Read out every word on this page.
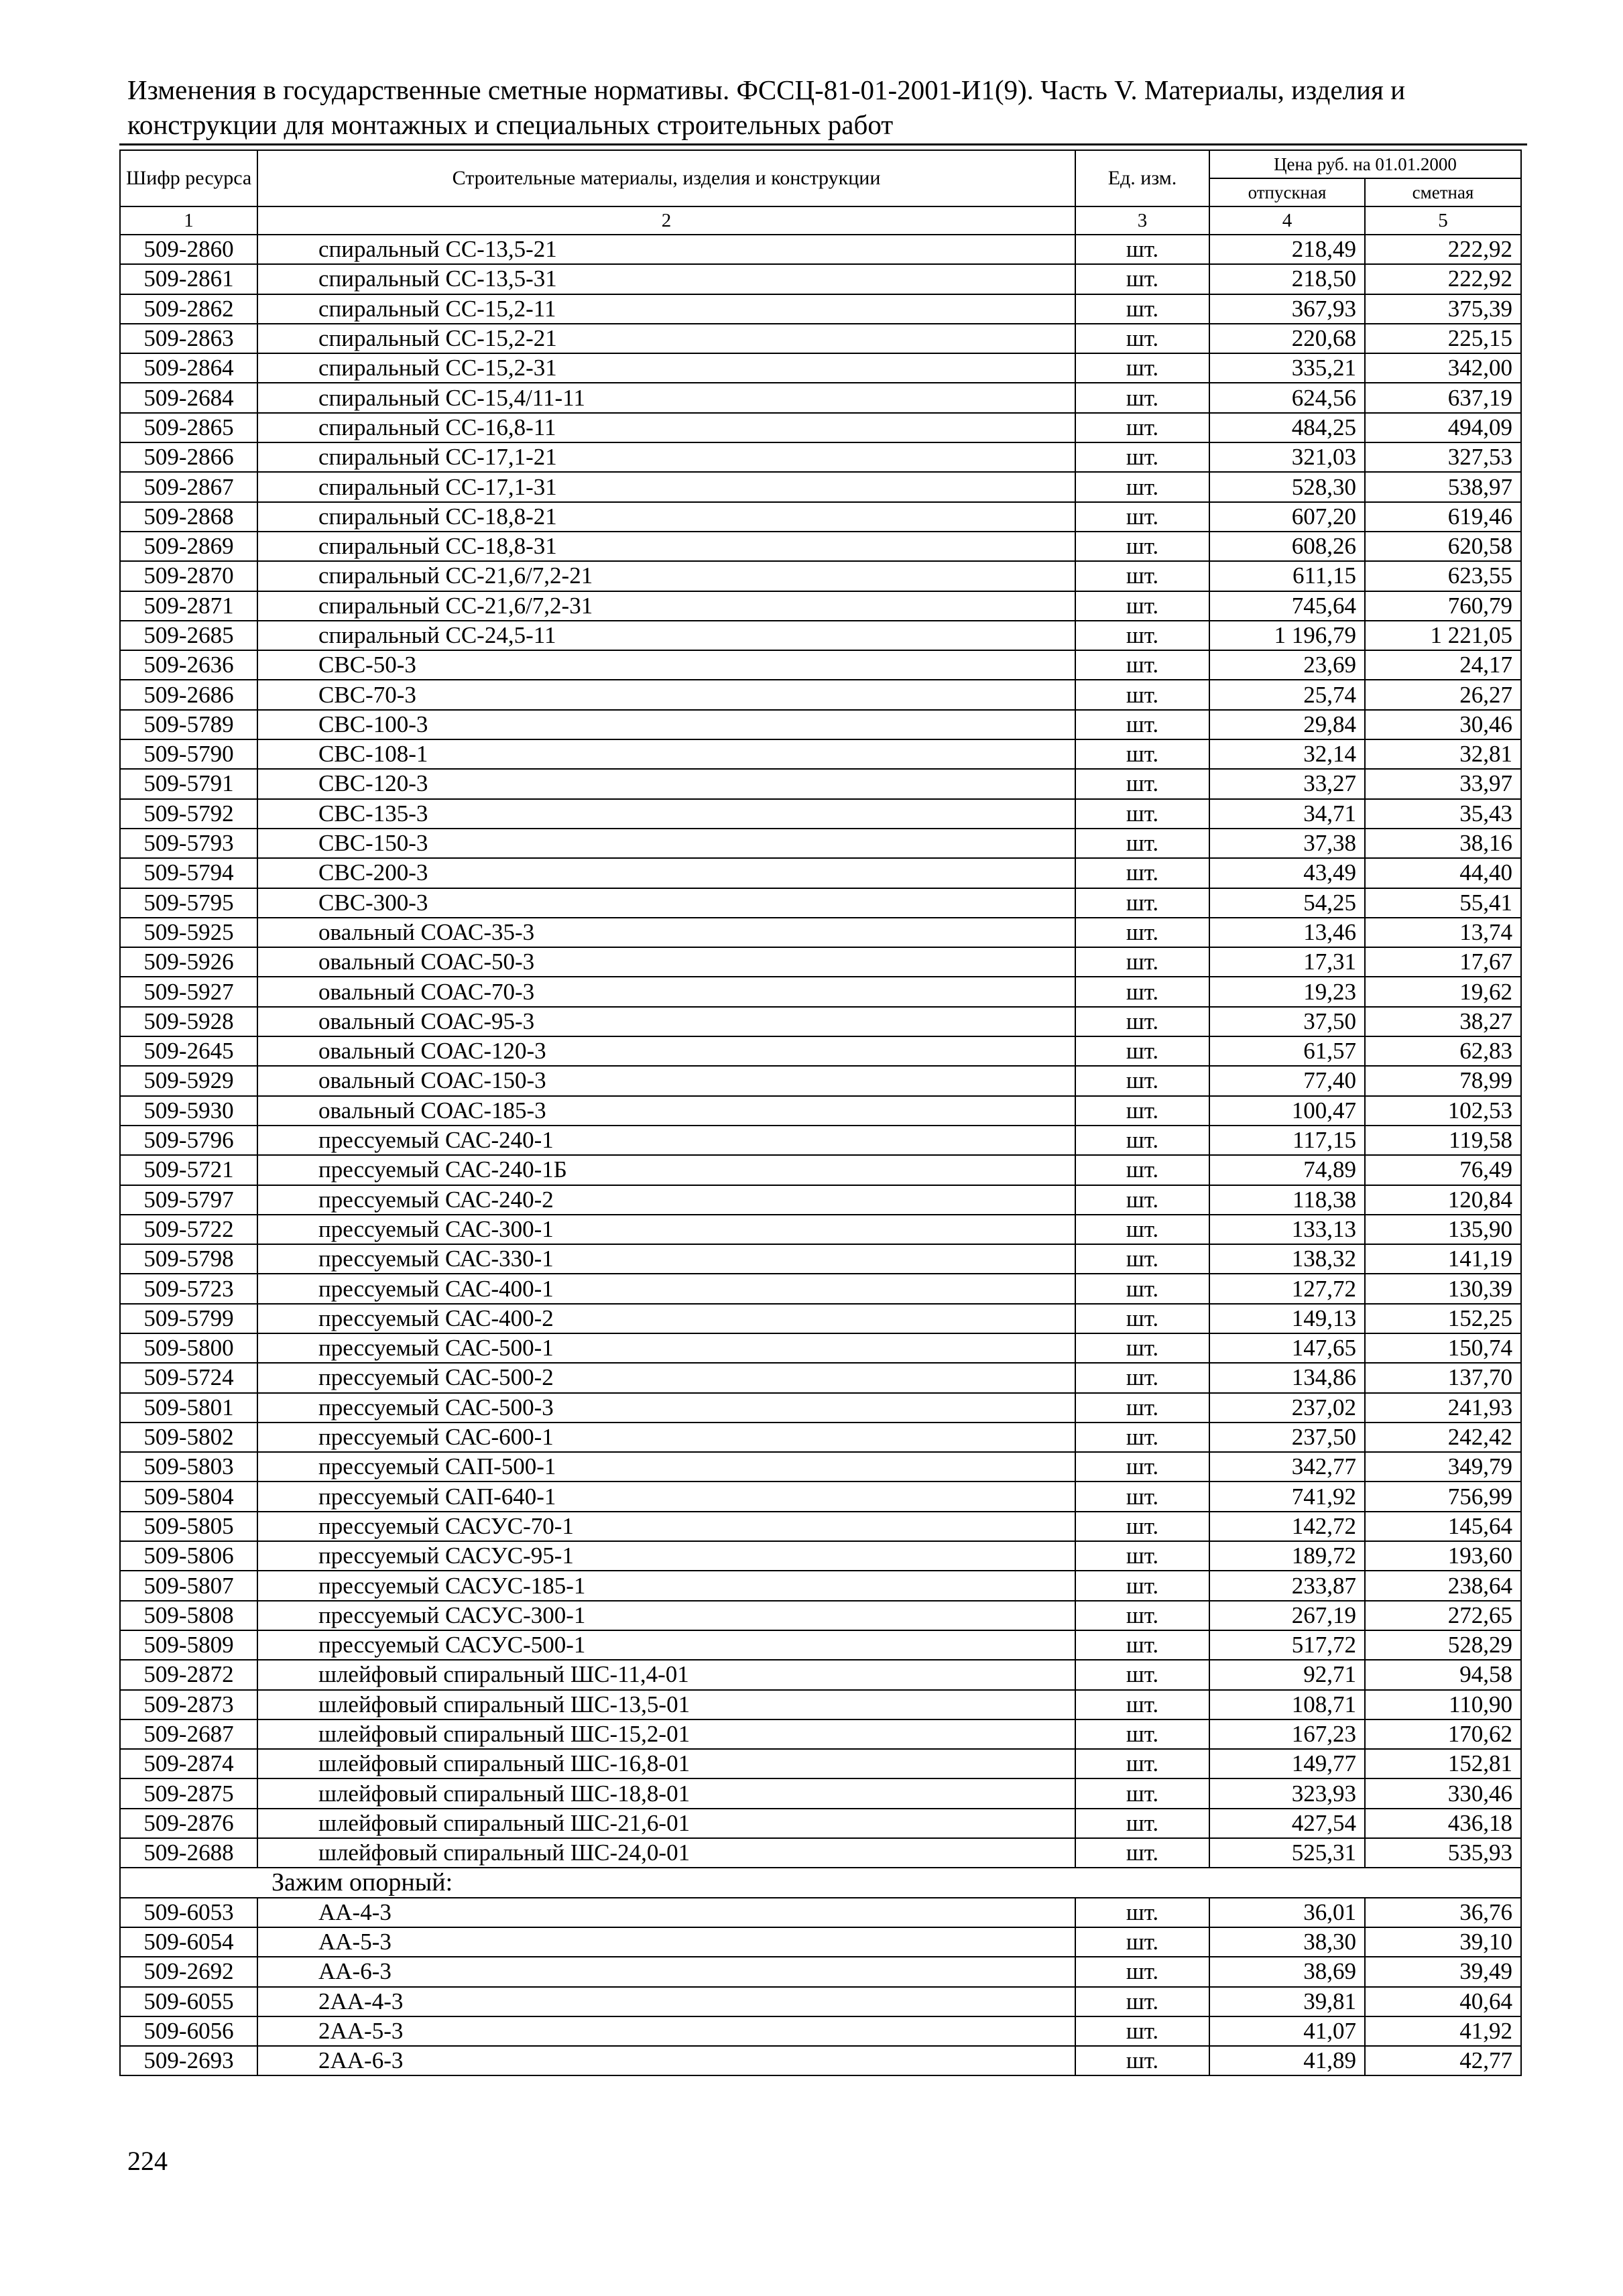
Изменения в государственные сметные нормативы. ФССЦ-81-01-2001-И1(9). Часть V. Материалы, изделия и конструкции для монтажных и специальных строительных работ
Шифр ресурса	Строительные материалы, изделия и конструкции	Ед. изм.	Цена руб. на 01.01.2000	
			отпускная	сметная
1	2	3	4	5
509-2860	спиральный СС-13,5-21	шт.	218,49	222,92
509-2861	спиральный СС-13,5-31	шт.	218,50	222,92
509-2862	спиральный СС-15,2-11	шт.	367,93	375,39
509-2863	спиральный СС-15,2-21	шт.	220,68	225,15
509-2864	спиральный СС-15,2-31	шт.	335,21	342,00
509-2684	спиральный СС-15,4/11-11	шт.	624,56	637,19
509-2865	спиральный СС-16,8-11	шт.	484,25	494,09
509-2866	спиральный СС-17,1-21	шт.	321,03	327,53
509-2867	спиральный СС-17,1-31	шт.	528,30	538,97
509-2868	спиральный СС-18,8-21	шт.	607,20	619,46
509-2869	спиральный СС-18,8-31	шт.	608,26	620,58
509-2870	спиральный СС-21,6/7,2-21	шт.	611,15	623,55
509-2871	спиральный СС-21,6/7,2-31	шт.	745,64	760,79
509-2685	спиральный СС-24,5-11	шт.	1 196,79	1 221,05
509-2636	СВС-50-3	шт.	23,69	24,17
509-2686	СВС-70-3	шт.	25,74	26,27
509-5789	СВС-100-3	шт.	29,84	30,46
509-5790	СВС-108-1	шт.	32,14	32,81
509-5791	СВС-120-3	шт.	33,27	33,97
509-5792	СВС-135-3	шт.	34,71	35,43
509-5793	СВС-150-3	шт.	37,38	38,16
509-5794	СВС-200-3	шт.	43,49	44,40
509-5795	СВС-300-3	шт.	54,25	55,41
509-5925	овальный СОАС-35-3	шт.	13,46	13,74
509-5926	овальный СОАС-50-3	шт.	17,31	17,67
509-5927	овальный СОАС-70-3	шт.	19,23	19,62
509-5928	овальный СОАС-95-3	шт.	37,50	38,27
509-2645	овальный СОАС-120-3	шт.	61,57	62,83
509-5929	овальный СОАС-150-3	шт.	77,40	78,99
509-5930	овальный СОАС-185-3	шт.	100,47	102,53
509-5796	прессуемый САС-240-1	шт.	117,15	119,58
509-5721	прессуемый САС-240-1Б	шт.	74,89	76,49
509-5797	прессуемый САС-240-2	шт.	118,38	120,84
509-5722	прессуемый САС-300-1	шт.	133,13	135,90
509-5798	прессуемый САС-330-1	шт.	138,32	141,19
509-5723	прессуемый САС-400-1	шт.	127,72	130,39
509-5799	прессуемый САС-400-2	шт.	149,13	152,25
509-5800	прессуемый САС-500-1	шт.	147,65	150,74
509-5724	прессуемый САС-500-2	шт.	134,86	137,70
509-5801	прессуемый САС-500-3	шт.	237,02	241,93
509-5802	прессуемый САС-600-1	шт.	237,50	242,42
509-5803	прессуемый САП-500-1	шт.	342,77	349,79
509-5804	прессуемый САП-640-1	шт.	741,92	756,99
509-5805	прессуемый САСУС-70-1	шт.	142,72	145,64
509-5806	прессуемый САСУС-95-1	шт.	189,72	193,60
509-5807	прессуемый САСУС-185-1	шт.	233,87	238,64
509-5808	прессуемый САСУС-300-1	шт.	267,19	272,65
509-5809	прессуемый САСУС-500-1	шт.	517,72	528,29
509-2872	шлейфовый спиральный ШС-11,4-01	шт.	92,71	94,58
509-2873	шлейфовый спиральный ШС-13,5-01	шт.	108,71	110,90
509-2687	шлейфовый спиральный ШС-15,2-01	шт.	167,23	170,62
509-2874	шлейфовый спиральный ШС-16,8-01	шт.	149,77	152,81
509-2875	шлейфовый спиральный ШС-18,8-01	шт.	323,93	330,46
509-2876	шлейфовый спиральный ШС-21,6-01	шт.	427,54	436,18
509-2688	шлейфовый спиральный ШС-24,0-01	шт.	525,31	535,93
Зажим опорный:				
509-6053	АА-4-3	шт.	36,01	36,76
509-6054	АА-5-3	шт.	38,30	39,10
509-2692	АА-6-3	шт.	38,69	39,49
509-6055	2АА-4-3	шт.	39,81	40,64
509-6056	2АА-5-3	шт.	41,07	41,92
509-2693	2АА-6-3	шт.	41,89	42,77
224
